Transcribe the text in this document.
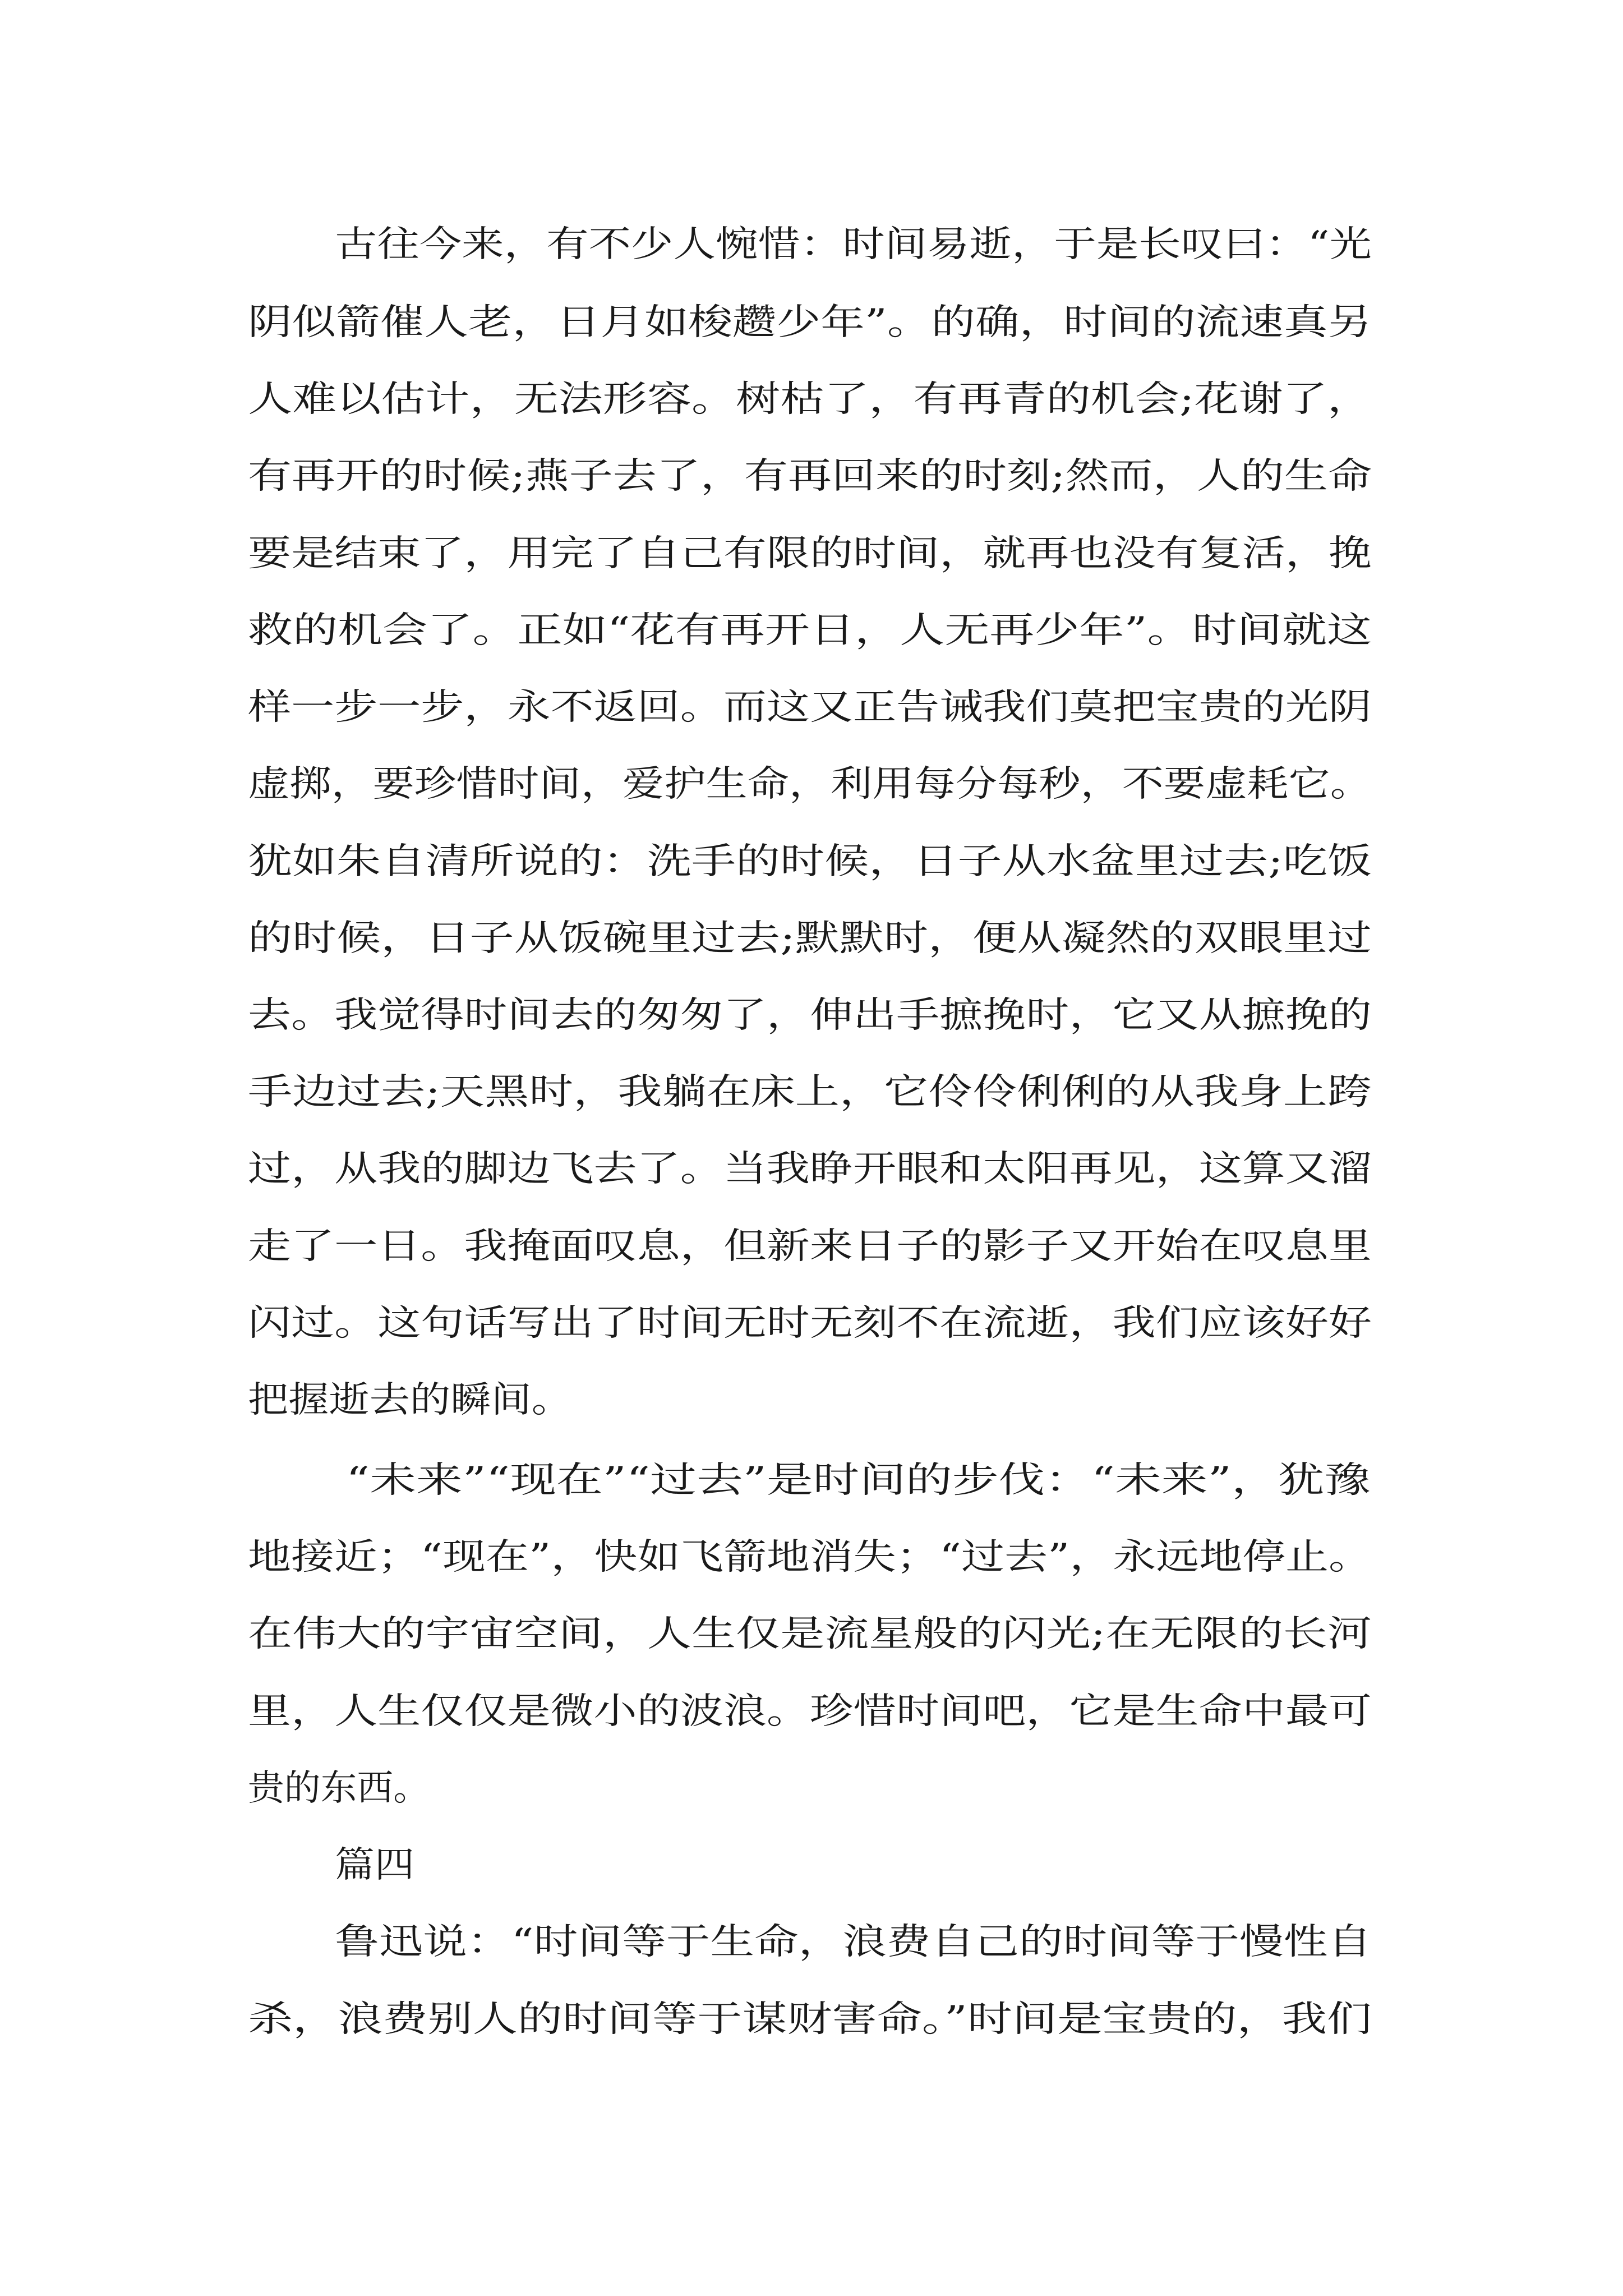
古往今来，有不少人惋惜：时间易逝，于是长叹曰：“光
阴似箭催人老，日月如梭趱少年”。的确，时间的流速真另
人难以估计，无法形容。树枯了，有再青的机会;花谢了，
有再开的时候;燕子去了，有再回来的时刻;然而，人的生命
要是结束了，用完了自己有限的时间，就再也没有复活，挽
救的机会了。正如“花有再开日，人无再少年”。时间就这
样一步一步，永不返回。而这又正告诫我们莫把宝贵的光阴
虚掷，要珍惜时间，爱护生命，利用每分每秒，不要虚耗它。
犹如朱自清所说的：洗手的时候，日子从水盆里过去;吃饭
的时候，日子从饭碗里过去;默默时，便从凝然的双眼里过
去。我觉得时间去的匆匆了，伸出手摭挽时，它又从摭挽的
手边过去;天黑时，我躺在床上，它伶伶俐俐的从我身上跨
过，从我的脚边飞去了。当我睁开眼和太阳再见，这算又溜
走了一日。我掩面叹息，但新来日子的影子又开始在叹息里
闪过。这句话写出了时间无时无刻不在流逝，我们应该好好
把握逝去的瞬间。
“未来”“现在”“过去”是时间的步伐：“未来”，犹豫
地接近；“现在”，快如飞箭地消失；“过去”，永远地停止。
在伟大的宇宙空间，人生仅是流星般的闪光;在无限的长河
里，人生仅仅是微小的波浪。珍惜时间吧，它是生命中最可
贵的东西。
篇四
鲁迅说：“时间等于生命，浪费自己的时间等于慢性自
杀，浪费别人的时间等于谋财害命。”时间是宝贵的，我们
